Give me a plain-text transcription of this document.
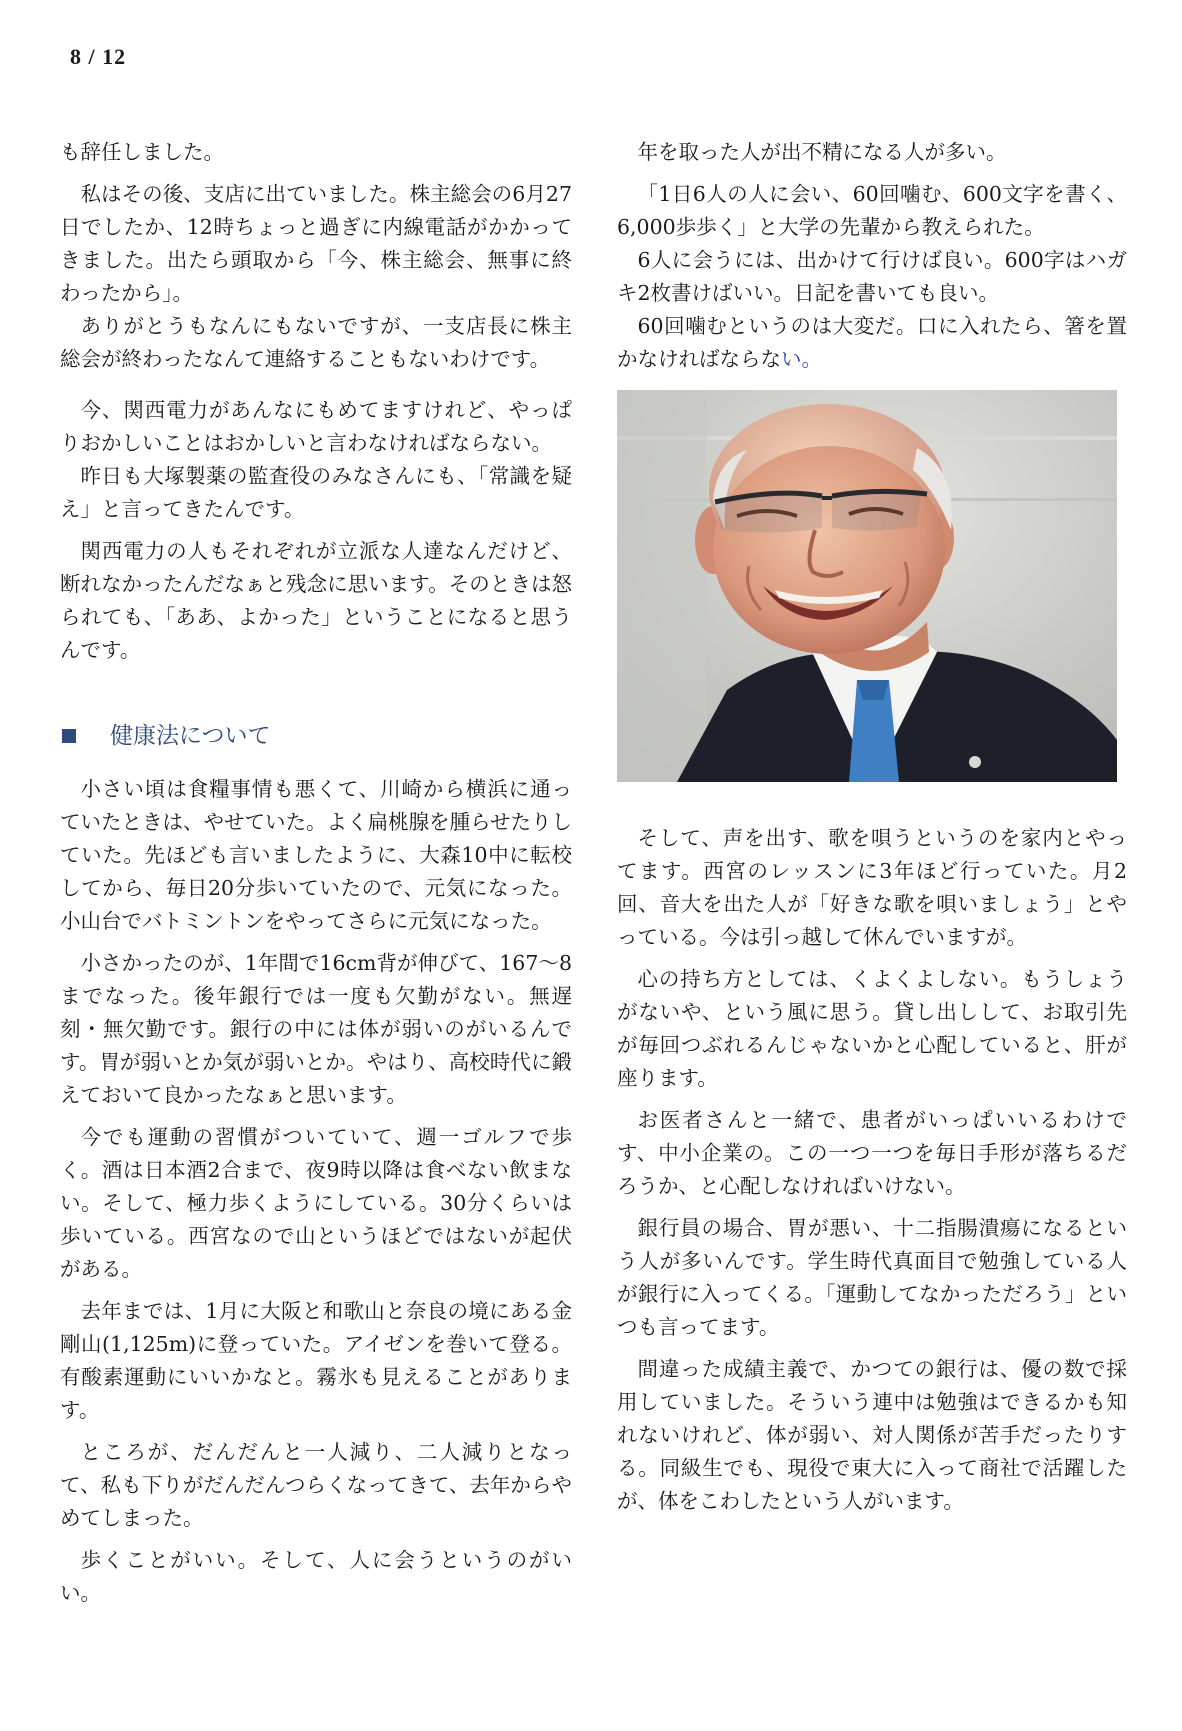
8 / 12

も辞任しました。

私はその後、支店に出ていました。株主総会の6月27日でしたか、12時ちょっと過ぎに内線電話がかかってきました。出たら頭取から「今、株主総会、無事に終わったから」。

ありがとうもなんにもないですが、一支店長に株主総会が終わったなんて連絡することもないわけです。

今、関西電力があんなにもめてますけれど、やっぱりおかしいことはおかしいと言わなければならない。

昨日も大塚製薬の監査役のみなさんにも、「常識を疑え」と言ってきたんです。

関西電力の人もそれぞれが立派な人達なんだけど、断れなかったんだなぁと残念に思います。そのときは怒られても、「ああ、よかった」ということになると思うんです。

健康法について

小さい頃は食糧事情も悪くて、川崎から横浜に通っていたときは、やせていた。よく扁桃腺を腫らせたりしていた。先ほども言いましたように、大森10中に転校してから、毎日20分歩いていたので、元気になった。小山台でバトミントンをやってさらに元気になった。

小さかったのが、1年間で16cm背が伸びて、167～8までなった。後年銀行では一度も欠勤がない。無遅刻・無欠勤です。銀行の中には体が弱いのがいるんです。胃が弱いとか気が弱いとか。やはり、高校時代に鍛えておいて良かったなぁと思います。

今でも運動の習慣がついていて、週一ゴルフで歩く。酒は日本酒2合まで、夜9時以降は食べない飲まない。そして、極力歩くようにしている。30分くらいは歩いている。西宮なので山というほどではないが起伏がある。

去年までは、1月に大阪と和歌山と奈良の境にある金剛山(1,125m)に登っていた。アイゼンを巻いて登る。有酸素運動にいいかなと。霧氷も見えることがあります。

ところが、だんだんと一人減り、二人減りとなって、私も下りがだんだんつらくなってきて、去年からやめてしまった。

歩くことがいい。そして、人に会うというのがいい。

年を取った人が出不精になる人が多い。

「1日6人の人に会い、60回噛む、600文字を書く、6,000歩歩く」と大学の先輩から教えられた。

6人に会うには、出かけて行けば良い。600字はハガキ2枚書けばいい。日記を書いても良い。

60回噛むというのは大変だ。口に入れたら、箸を置かなければならない。

そして、声を出す、歌を唄うというのを家内とやってます。西宮のレッスンに3年ほど行っていた。月2回、音大を出た人が「好きな歌を唄いましょう」とやっている。今は引っ越して休んでいますが。

心の持ち方としては、くよくよしない。もうしょうがないや、という風に思う。貸し出しして、お取引先が毎回つぶれるんじゃないかと心配していると、肝が座ります。

お医者さんと一緒で、患者がいっぱいいるわけです、中小企業の。この一つ一つを毎日手形が落ちるだろうか、と心配しなければいけない。

銀行員の場合、胃が悪い、十二指腸潰瘍になるという人が多いんです。学生時代真面目で勉強している人が銀行に入ってくる。「運動してなかっただろう」といつも言ってます。

間違った成績主義で、かつての銀行は、優の数で採用していました。そういう連中は勉強はできるかも知れないけれど、体が弱い、対人関係が苦手だったりする。同級生でも、現役で東大に入って商社で活躍したが、体をこわしたという人がいます。
